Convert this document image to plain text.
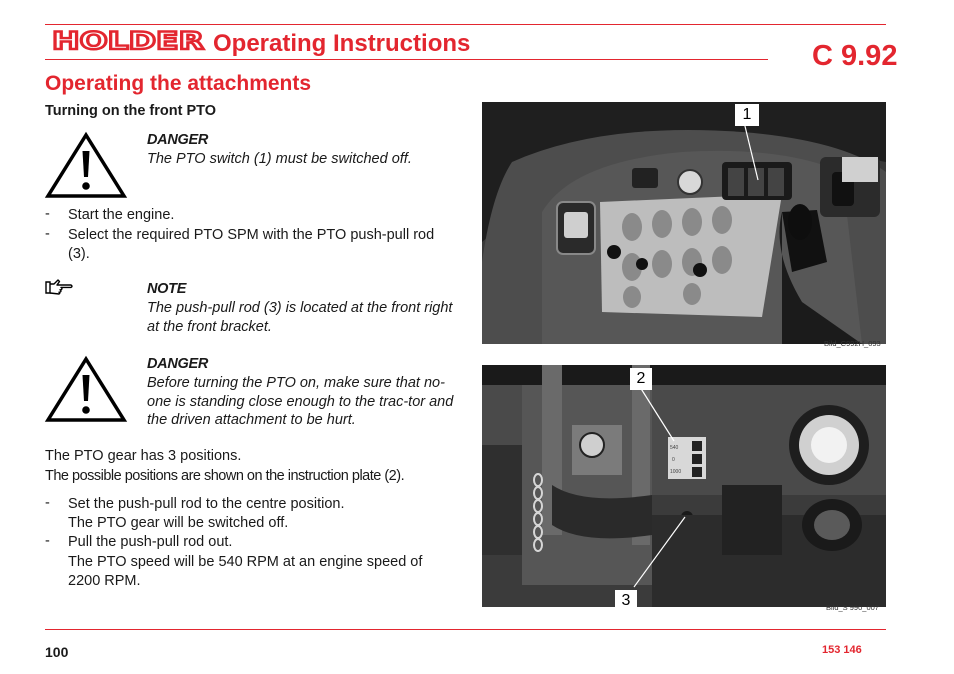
HOLDER Operating Instructions	C 9.92
Operating the attachments
Turning on the front PTO
DANGER
The PTO switch (1) must be switched off.
- Start the engine.
- Select the required PTO SPM with the PTO push-pull rod (3).
NOTE
The push-pull rod (3) is located at the front right at the front bracket.
DANGER
Before turning the PTO on, make sure that no-one is standing close enough to the trac-tor and the driven attachment to be hurt.
The PTO gear has 3 positions.
The possible positions are shown on the instruction plate (2).
- Set the push-pull rod to the centre position.
The PTO gear will be switched off.
- Pull the push-pull rod out.
The PTO speed will be 540 RPM at an engine speed of 2200 RPM.
1
Bild_C992H_093
540
0
1000
2
3	Bild_S 990_007
100	153 146
